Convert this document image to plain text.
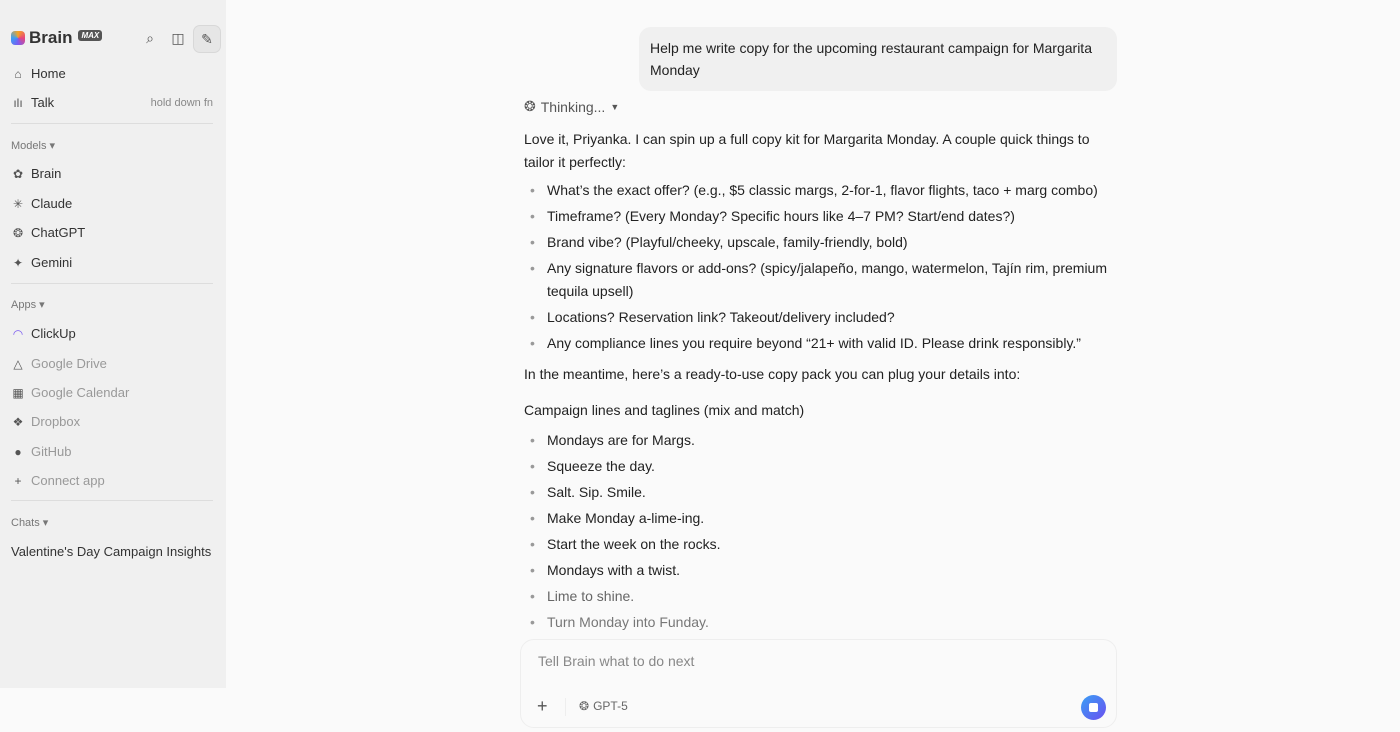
Brain	MAX	⌕	◫	✎
⌂ Home
ılı Talk	hold down fn
Models ▾
✿ Brain
✳ Claude
❂ ChatGPT
✦ Gemini
Apps ▾
◠ ClickUp
△ Google Drive
▦ Google Calendar
❖ Dropbox
● GitHub
+ Connect app
Chats ▾
Valentine's Day Campaign Insights
Help me write copy for the upcoming restaurant campaign for Margarita Monday
❂ Thinking... ▼

Love it, Priyanka. I can spin up a full copy kit for Margarita Monday. A couple quick things to tailor it perfectly:

• What’s the exact offer? (e.g., $5 classic margs, 2-for-1, flavor flights, taco + marg combo)
• Timeframe? (Every Monday? Specific hours like 4–7 PM? Start/end dates?)
• Brand vibe? (Playful/cheeky, upscale, family-friendly, bold)
• Any signature flavors or add-ons? (spicy/jalapeño, mango, watermelon, Tajín rim, premium tequila upsell)
• Locations? Reservation link? Takeout/delivery included?
• Any compliance lines you require beyond “21+ with valid ID. Please drink responsibly.”

In the meantime, here’s a ready-to-use copy pack you can plug your details into:

Campaign lines and taglines (mix and match)

• Mondays are for Margs.
• Squeeze the day.
• Salt. Sip. Smile.
• Make Monday a-lime-ing.
• Start the week on the rocks.
• Mondays with a twist.
• Lime to shine.
• Turn Monday into Funday.
Tell Brain what to do next
+	❂ GPT-5
